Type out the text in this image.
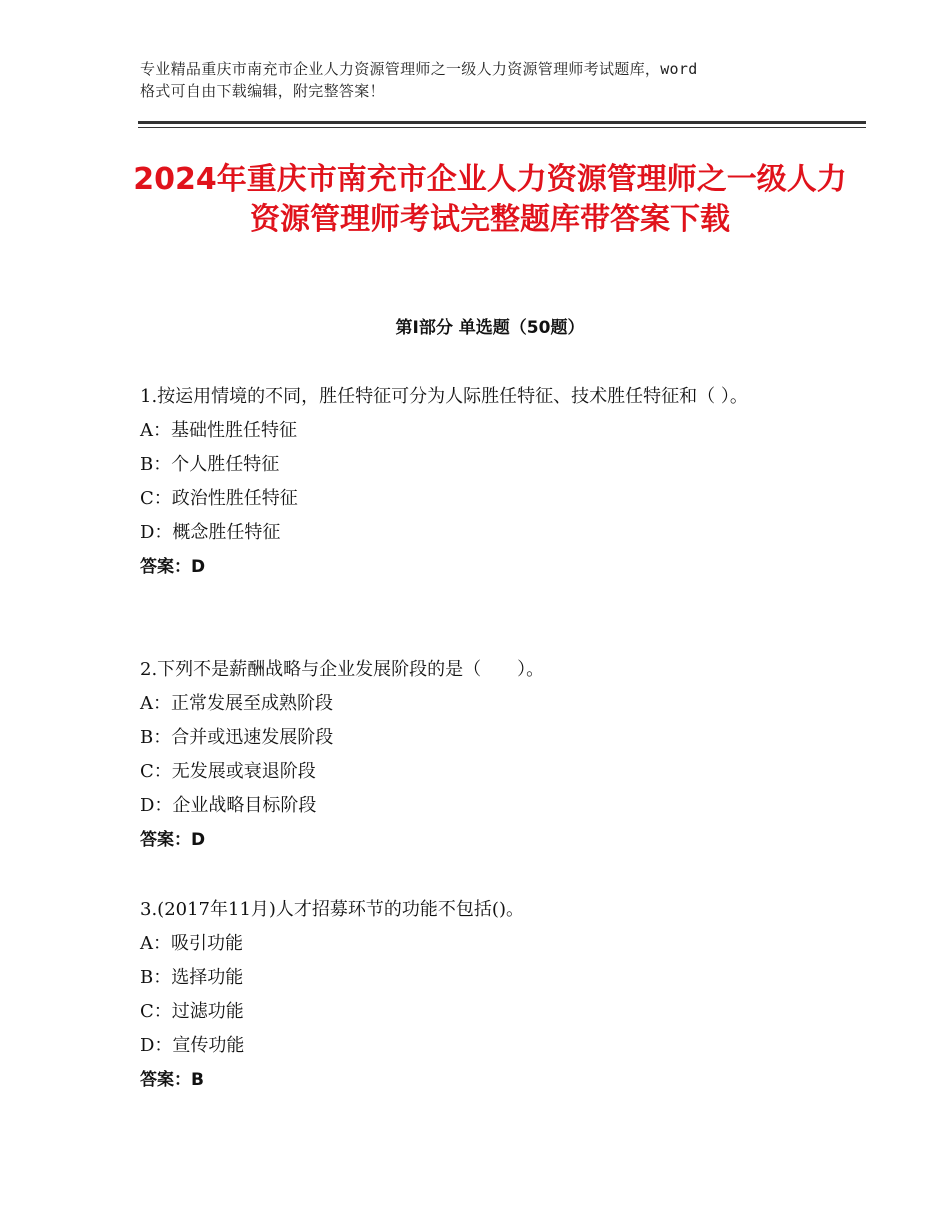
专业精品重庆市南充市企业人力资源管理师之一级人力资源管理师考试题库，word
格式可自由下载编辑，附完整答案！
2024年重庆市南充市企业人力资源管理师之一级人力资源管理师考试完整题库带答案下载
第Ⅰ部分 单选题（50题）

1.按运用情境的不同，胜任特征可分为人际胜任特征、技术胜任特征和（ ）。

A：基础性胜任特征

B：个人胜任特征

C：政治性胜任特征

D：概念胜任特征

答案：D

2.下列不是薪酬战略与企业发展阶段的是（　　）。

A：正常发展至成熟阶段

B：合并或迅速发展阶段

C：无发展或衰退阶段

D：企业战略目标阶段

答案：D

3.(2017年11月)人才招募环节的功能不包括()。

A：吸引功能

B：选择功能

C：过滤功能

D：宣传功能

答案：B
